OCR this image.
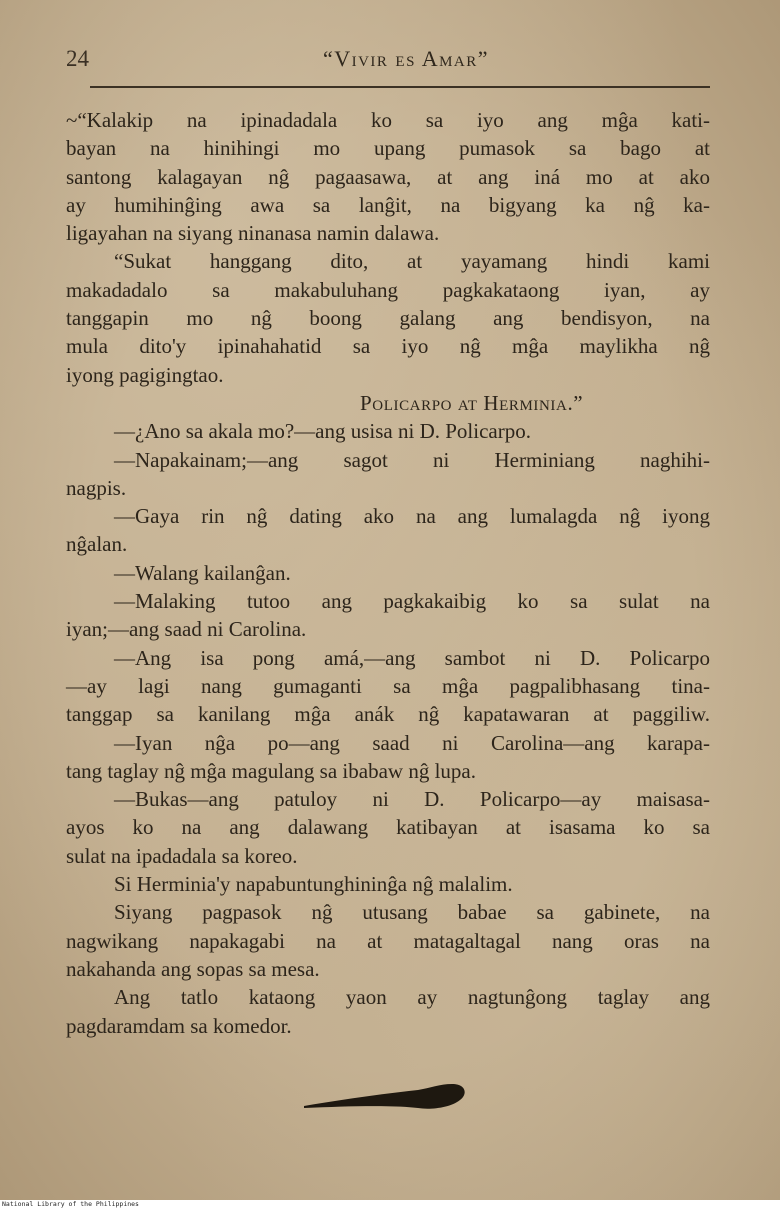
24	“Vivir es Amar”
~“Kalakip na ipinadadala ko sa iyo ang mĝa kati-
bayan na hinihingi mo upang pumasok sa bago at
santong kalagayan nĝ pagaasawa, at ang iná mo at ako
ay humihinĝing awa sa lanĝit, na bigyang ka nĝ ka-
ligayahan na siyang ninanasa namin dalawa.
“Sukat hanggang dito, at yayamang hindi kami
makadadalo sa makabuluhang pagkakataong iyan, ay
tanggapin mo nĝ boong galang ang bendisyon, na
mula dito'y ipinahahatid sa iyo nĝ mĝa maylikha nĝ
iyong pagigingtao.
Policarpo at Herminia.”
—¿Ano sa akala mo?—ang usisa ni D. Policarpo.
—Napakainam;—ang sagot ni Herminiang naghihi-
nagpis.
—Gaya rin nĝ dating ako na ang lumalagda nĝ iyong
nĝalan.
—Walang kailanĝan.
—Malaking tutoo ang pagkakaibig ko sa sulat na
iyan;—ang saad ni Carolina.
—Ang isa pong amá,—ang sambot ni D. Policarpo
—ay lagi nang gumaganti sa mĝa pagpalibhasang tina-
tanggap sa kanilang mĝa anák nĝ kapatawaran at paggiliw.
—Iyan nĝa po—ang saad ni Carolina—ang karapa-
tang taglay nĝ mĝa magulang sa ibabaw nĝ lupa.
—Bukas—ang patuloy ni D. Policarpo—ay maisasa-
ayos ko na ang dalawang katibayan at isasama ko sa
sulat na ipadadala sa koreo.
Si Herminia'y napabuntunghininĝa nĝ malalim.
Siyang pagpasok nĝ utusang babae sa gabinete, na
nagwikang napakagabi na at matagaltagal nang oras na
nakahanda ang sopas sa mesa.
Ang tatlo kataong yaon ay nagtunĝong taglay ang
pagdaramdam sa komedor.
National Library of the Philippines
